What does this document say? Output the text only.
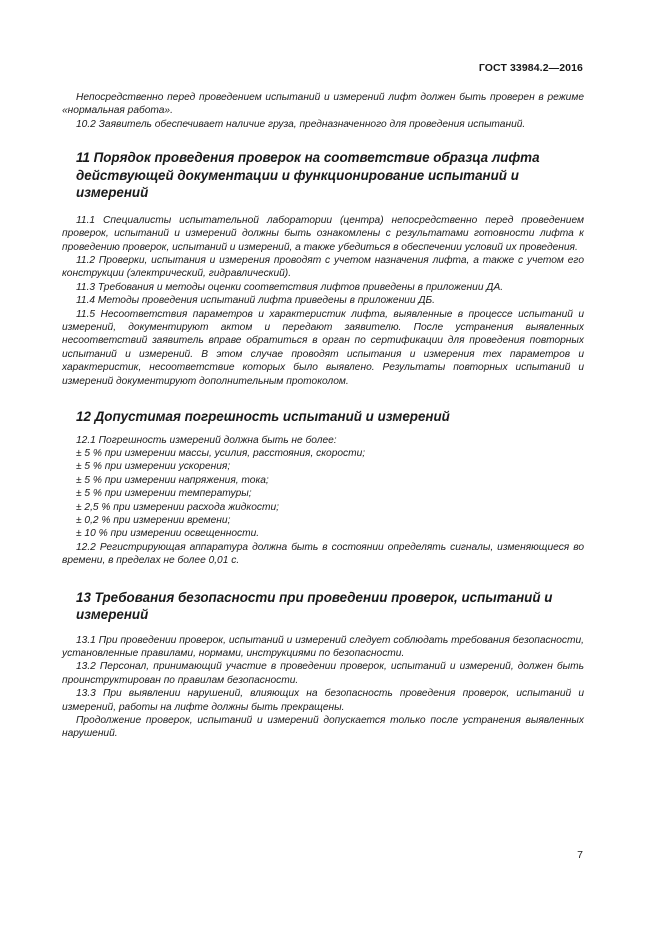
ГОСТ 33984.2—2016

Непосредственно перед проведением испытаний и измерений лифт должен быть проверен в режиме «нормальная работа».

10.2 Заявитель обеспечивает наличие груза, предназначенного для проведения испытаний.

11 Порядок проведения проверок на соответствие образца лифта действующей документации и функционирование испытаний и измерений

11.1 Специалисты испытательной лаборатории (центра) непосредственно перед проведением проверок, испытаний и измерений должны быть ознакомлены с результатами готовности лифта к проведению проверок, испытаний и измерений, а также убедиться в обеспечении условий их проведения.

11.2 Проверки, испытания и измерения проводят с учетом назначения лифта, а также с учетом его конструкции (электрический, гидравлический).

11.3 Требования и методы оценки соответствия лифтов приведены в приложении ДА.

11.4 Методы проведения испытаний лифта приведены в приложении ДБ.

11.5 Несоответствия параметров и характеристик лифта, выявленные в процессе испытаний и измерений, документируют актом и передают заявителю. После устранения выявленных несоответствий заявитель вправе обратиться в орган по сертификации для проведения повторных испытаний и измерений. В этом случае проводят испытания и измерения тех параметров и характеристик, несоответствие которых было выявлено. Результаты повторных испытаний и измерений документируют дополнительным протоколом.

12 Допустимая погрешность испытаний и измерений

12.1 Погрешность измерений должна быть не более:

± 5 % при измерении массы, усилия, расстояния, скорости;

± 5 % при измерении ускорения;

± 5 % при измерении напряжения, тока;

± 5 % при измерении температуры;

± 2,5 % при измерении расхода жидкости;

± 0,2 % при измерении времени;

± 10 % при измерении освещенности.

12.2 Регистрирующая аппаратура должна быть в состоянии определять сигналы, изменяющиеся во времени, в пределах не более 0,01 с.

13 Требования безопасности при проведении проверок, испытаний и измерений

13.1 При проведении проверок, испытаний и измерений следует соблюдать требования безопасности, установленные правилами, нормами, инструкциями по безопасности.

13.2 Персонал, принимающий участие в проведении проверок, испытаний и измерений, должен быть проинструктирован по правилам безопасности.

13.3 При выявлении нарушений, влияющих на безопасность проведения проверок, испытаний и измерений, работы на лифте должны быть прекращены.

Продолжение проверок, испытаний и измерений допускается только после устранения выявленных нарушений.

7
